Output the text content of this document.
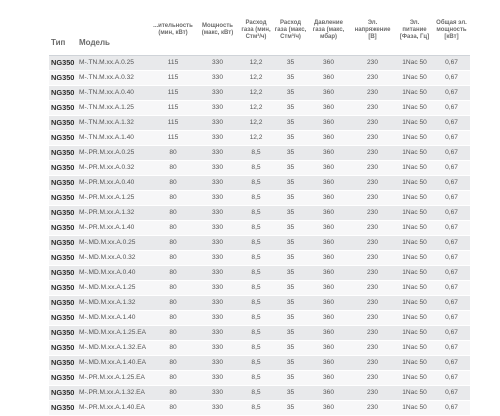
Тип	Модель	...ительность (мин, кВт)	Мощность (макс, кВт)	Расход газа (мин, Стм³/ч)	Расход газа (макс, Стм³/ч)	Давление газа (макс, мбар)	Эл. напряжение [В]	Эл. питание [Фаза, Гц]	Общая эл. мощность [кВт]
NG350	M-.TN.M.xx.A.0.25	115	330	12,2	35	360	230	1Nac 50	0,67
NG350	M-.TN.M.xx.A.0.32	115	330	12,2	35	360	230	1Nac 50	0,67
NG350	M-.TN.M.xx.A.0.40	115	330	12,2	35	360	230	1Nac 50	0,67
NG350	M-.TN.M.xx.A.1.25	115	330	12,2	35	360	230	1Nac 50	0,67
NG350	M-.TN.M.xx.A.1.32	115	330	12,2	35	360	230	1Nac 50	0,67
NG350	M-.TN.M.xx.A.1.40	115	330	12,2	35	360	230	1Nac 50	0,67
NG350	M-.PR.M.xx.A.0.25	80	330	8,5	35	360	230	1Nac 50	0,67
NG350	M-.PR.M.xx.A.0.32	80	330	8,5	35	360	230	1Nac 50	0,67
NG350	M-.PR.M.xx.A.0.40	80	330	8,5	35	360	230	1Nac 50	0,67
NG350	M-.PR.M.xx.A.1.25	80	330	8,5	35	360	230	1Nac 50	0,67
NG350	M-.PR.M.xx.A.1.32	80	330	8,5	35	360	230	1Nac 50	0,67
NG350	M-.PR.M.xx.A.1.40	80	330	8,5	35	360	230	1Nac 50	0,67
NG350	M-.MD.M.xx.A.0.25	80	330	8,5	35	360	230	1Nac 50	0,67
NG350	M-.MD.M.xx.A.0.32	80	330	8,5	35	360	230	1Nac 50	0,67
NG350	M-.MD.M.xx.A.0.40	80	330	8,5	35	360	230	1Nac 50	0,67
NG350	M-.MD.M.xx.A.1.25	80	330	8,5	35	360	230	1Nac 50	0,67
NG350	M-.MD.M.xx.A.1.32	80	330	8,5	35	360	230	1Nac 50	0,67
NG350	M-.MD.M.xx.A.1.40	80	330	8,5	35	360	230	1Nac 50	0,67
NG350	M-.MD.M.xx.A.1.25.EA	80	330	8,5	35	360	230	1Nac 50	0,67
NG350	M-.MD.M.xx.A.1.32.EA	80	330	8,5	35	360	230	1Nac 50	0,67
NG350	M-.MD.M.xx.A.1.40.EA	80	330	8,5	35	360	230	1Nac 50	0,67
NG350	M-.PR.M.xx.A.1.25.EA	80	330	8,5	35	360	230	1Nac 50	0,67
NG350	M-.PR.M.xx.A.1.32.EA	80	330	8,5	35	360	230	1Nac 50	0,67
NG350	M-.PR.M.xx.A.1.40.EA	80	330	8,5	35	360	230	1Nac 50	0,67
